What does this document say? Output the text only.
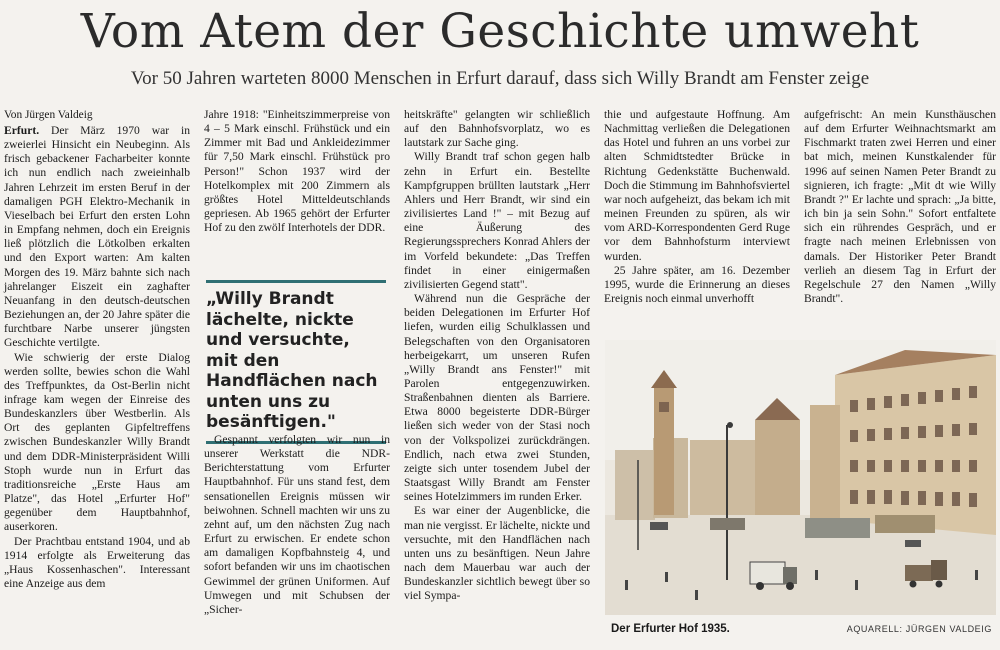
Vom Atem der Geschichte umweht
Vor 50 Jahren warteten 8000 Menschen in Erfurt darauf, dass sich Willy Brandt am Fenster zeige
Von Jürgen Valdeig

Erfurt. Der März 1970 war in zweierlei Hinsicht ein Neubeginn. Als frisch gebackener Facharbeiter konnte ich nun endlich nach zweieinhalb Jahren Lehrzeit im ersten Beruf in der damaligen PGH Elektro-Mechanik in Vieselbach bei Erfurt den ersten Lohn in Empfang nehmen, doch ein Ereignis ließ plötzlich die Lötkolben erkalten und den Export warten: Am kalten Morgen des 19. März bahnte sich nach jahrelanger Eiszeit ein zaghafter Neuanfang in den deutsch-deutschen Beziehungen an, der 20 Jahre später die furchtbare Narbe unserer jüngsten Geschichte vertilgte.

Wie schwierig der erste Dialog werden sollte, bewies schon die Wahl des Treffpunktes, da Ost-Berlin nicht infrage kam wegen der Einreise des Bundeskanzlers über Westberlin. Als Ort des geplanten Gipfeltreffens zwischen Bundeskanzler Willy Brandt und dem DDR-Ministerpräsident Willi Stoph wurde nun in Erfurt das traditionsreiche „Erste Haus am Platze", das Hotel „Erfurter Hof" gegenüber dem Hauptbahnhof, auserkoren.

Der Prachtbau entstand 1904, und ab 1914 erfolgte als Erweiterung das „Haus Kossenhaschen". Interessant eine Anzeige aus dem

Jahre 1918: "Einheitszimmerpreise von 4 – 5 Mark einschl. Frühstück und ein Zimmer mit Bad und Ankleidezimmer für 7,50 Mark einschl. Frühstück pro Person!" Schon 1937 wird der Hotelkomplex mit 200 Zimmern als größtes Hotel Mitteldeutschlands gepriesen. Ab 1965 gehört der Erfurter Hof zu den zwölf Interhotels der DDR.

„Willy Brandt lächelte, nickte und versuchte, mit den Handflächen nach unten uns zu besänftigen."

Gespannt verfolgten wir nun in unserer Werkstatt die NDR-Berichterstattung vom Erfurter Hauptbahnhof. Für uns stand fest, dem sensationellen Ereignis müssen wir beiwohnen. Schnell machten wir uns zu zehnt auf, um den nächsten Zug nach Erfurt zu erwischen. Er endete schon am damaligen Kopfbahnsteig 4, und sofort befanden wir uns im chaotischen Gewimmel der grünen Uniformen. Auf Umwegen und mit Schubsen der „Sicher-

heitskräfte" gelangten wir schließlich auf den Bahnhofsvorplatz, wo es lautstark zur Sache ging.

Willy Brandt traf schon gegen halb zehn in Erfurt ein. Bestellte Kampfgruppen brüllten lautstark „Herr Ahlers und Herr Brandt, wir sind ein zivilisiertes Land !" – mit Bezug auf eine Äußerung des Regierungssprechers Konrad Ahlers der im Vorfeld bekundete: „Das Treffen findet in einer einigermaßen zivilisierten Gegend statt".

Während nun die Gespräche der beiden Delegationen im Erfurter Hof liefen, wurden eilig Schulklassen und Belegschaften von den Organisatoren herbeigekarrt, um unseren Rufen „Willy Brandt ans Fenster!" mit Parolen entgegenzuwirken. Straßenbahnen dienten als Barriere. Etwa 8000 begeisterte DDR-Bürger ließen sich weder von der Stasi noch von der Volkspolizei zurückdrängen. Endlich, nach etwa zwei Stunden, zeigte sich unter tosendem Jubel der Staatsgast Willy Brandt am Fenster seines Hotelzimmers im runden Erker.

Es war einer der Augenblicke, die man nie vergisst. Er lächelte, nickte und versuchte, mit den Handflächen nach unten uns zu besänftigen. Neun Jahre nach dem Mauerbau war auch der Bundeskanzler sichtlich bewegt über so viel Sympa-

thie und aufgestaute Hoffnung. Am Nachmittag verließen die Delegationen das Hotel und fuhren an uns vorbei zur alten Schmidtstedter Brücke in Richtung Gedenkstätte Buchenwald. Doch die Stimmung im Bahnhofsviertel war noch aufgeheizt, das bekam ich mit meinen Freunden zu spüren, als wir vom ARD-Korrespondenten Gerd Ruge vor dem Bahnhofsturm interviewt wurden.

25 Jahre später, am 16. Dezember 1995, wurde die Erinnerung an dieses Ereignis noch einmal unverhofft

aufgefrischt: An mein Kunsthäuschen auf dem Erfurter Weihnachtsmarkt am Fischmarkt traten zwei Herren und einer bat mich, meinen Kunstkalender für 1996 auf seinen Namen Peter Brandt zu signieren, ich fragte: „Mit dt wie Willy Brandt ?" Er lachte und sprach: „Ja bitte, ich bin ja sein Sohn." Sofort entfaltete sich ein rührendes Gespräch, und er fragte nach meinen Erlebnissen von damals. Der Historiker Peter Brandt verlieh an diesem Tag in Erfurt der Regelschule 27 den Namen „Willy Brandt".

Der Erfurter Hof 1935.	AQUARELL: JÜRGEN VALDEIG
